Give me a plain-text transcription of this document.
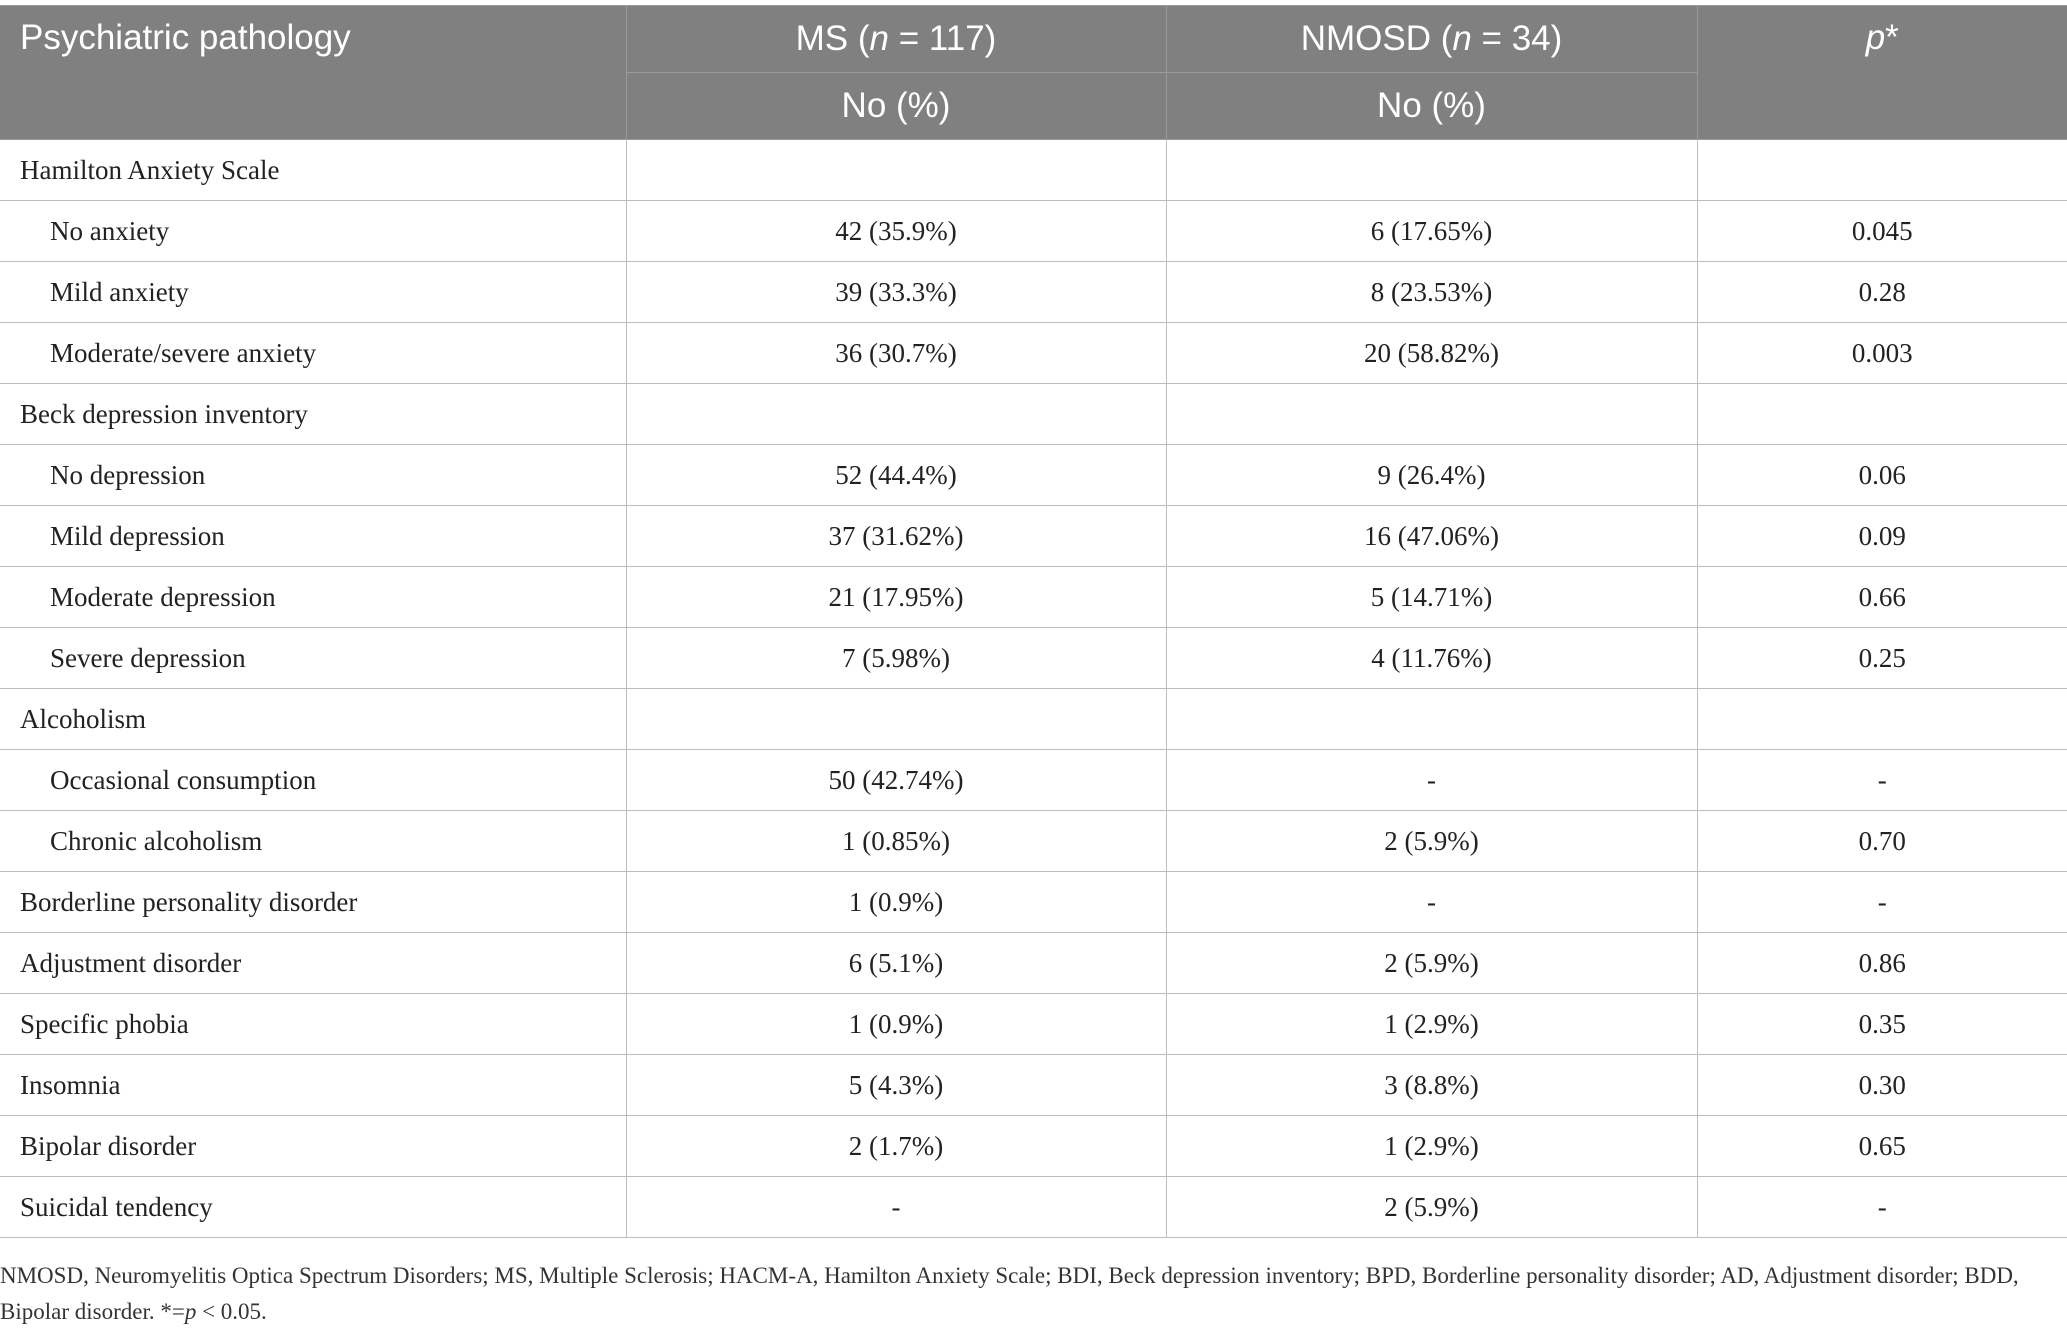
Psychiatric pathology	MS (n = 117)	NMOSD (n = 34)	p*
	No (%)	No (%)	
Hamilton Anxiety Scale			
No anxiety	42 (35.9%)	6 (17.65%)	0.045
Mild anxiety	39 (33.3%)	8 (23.53%)	0.28
Moderate/severe anxiety	36 (30.7%)	20 (58.82%)	0.003
Beck depression inventory			
No depression	52 (44.4%)	9 (26.4%)	0.06
Mild depression	37 (31.62%)	16 (47.06%)	0.09
Moderate depression	21 (17.95%)	5 (14.71%)	0.66
Severe depression	7 (5.98%)	4 (11.76%)	0.25
Alcoholism			
Occasional consumption	50 (42.74%)	-	-
Chronic alcoholism	1 (0.85%)	2 (5.9%)	0.70
Borderline personality disorder	1 (0.9%)	-	-
Adjustment disorder	6 (5.1%)	2 (5.9%)	0.86
Specific phobia	1 (0.9%)	1 (2.9%)	0.35
Insomnia	5 (4.3%)	3 (8.8%)	0.30
Bipolar disorder	2 (1.7%)	1 (2.9%)	0.65
Suicidal tendency	-	2 (5.9%)	-
NMOSD, Neuromyelitis Optica Spectrum Disorders; MS, Multiple Sclerosis; HACM-A, Hamilton Anxiety Scale; BDI, Beck depression inventory; BPD, Borderline personality disorder; AD, Adjustment disorder; BDD, Bipolar disorder. *=p < 0.05.
